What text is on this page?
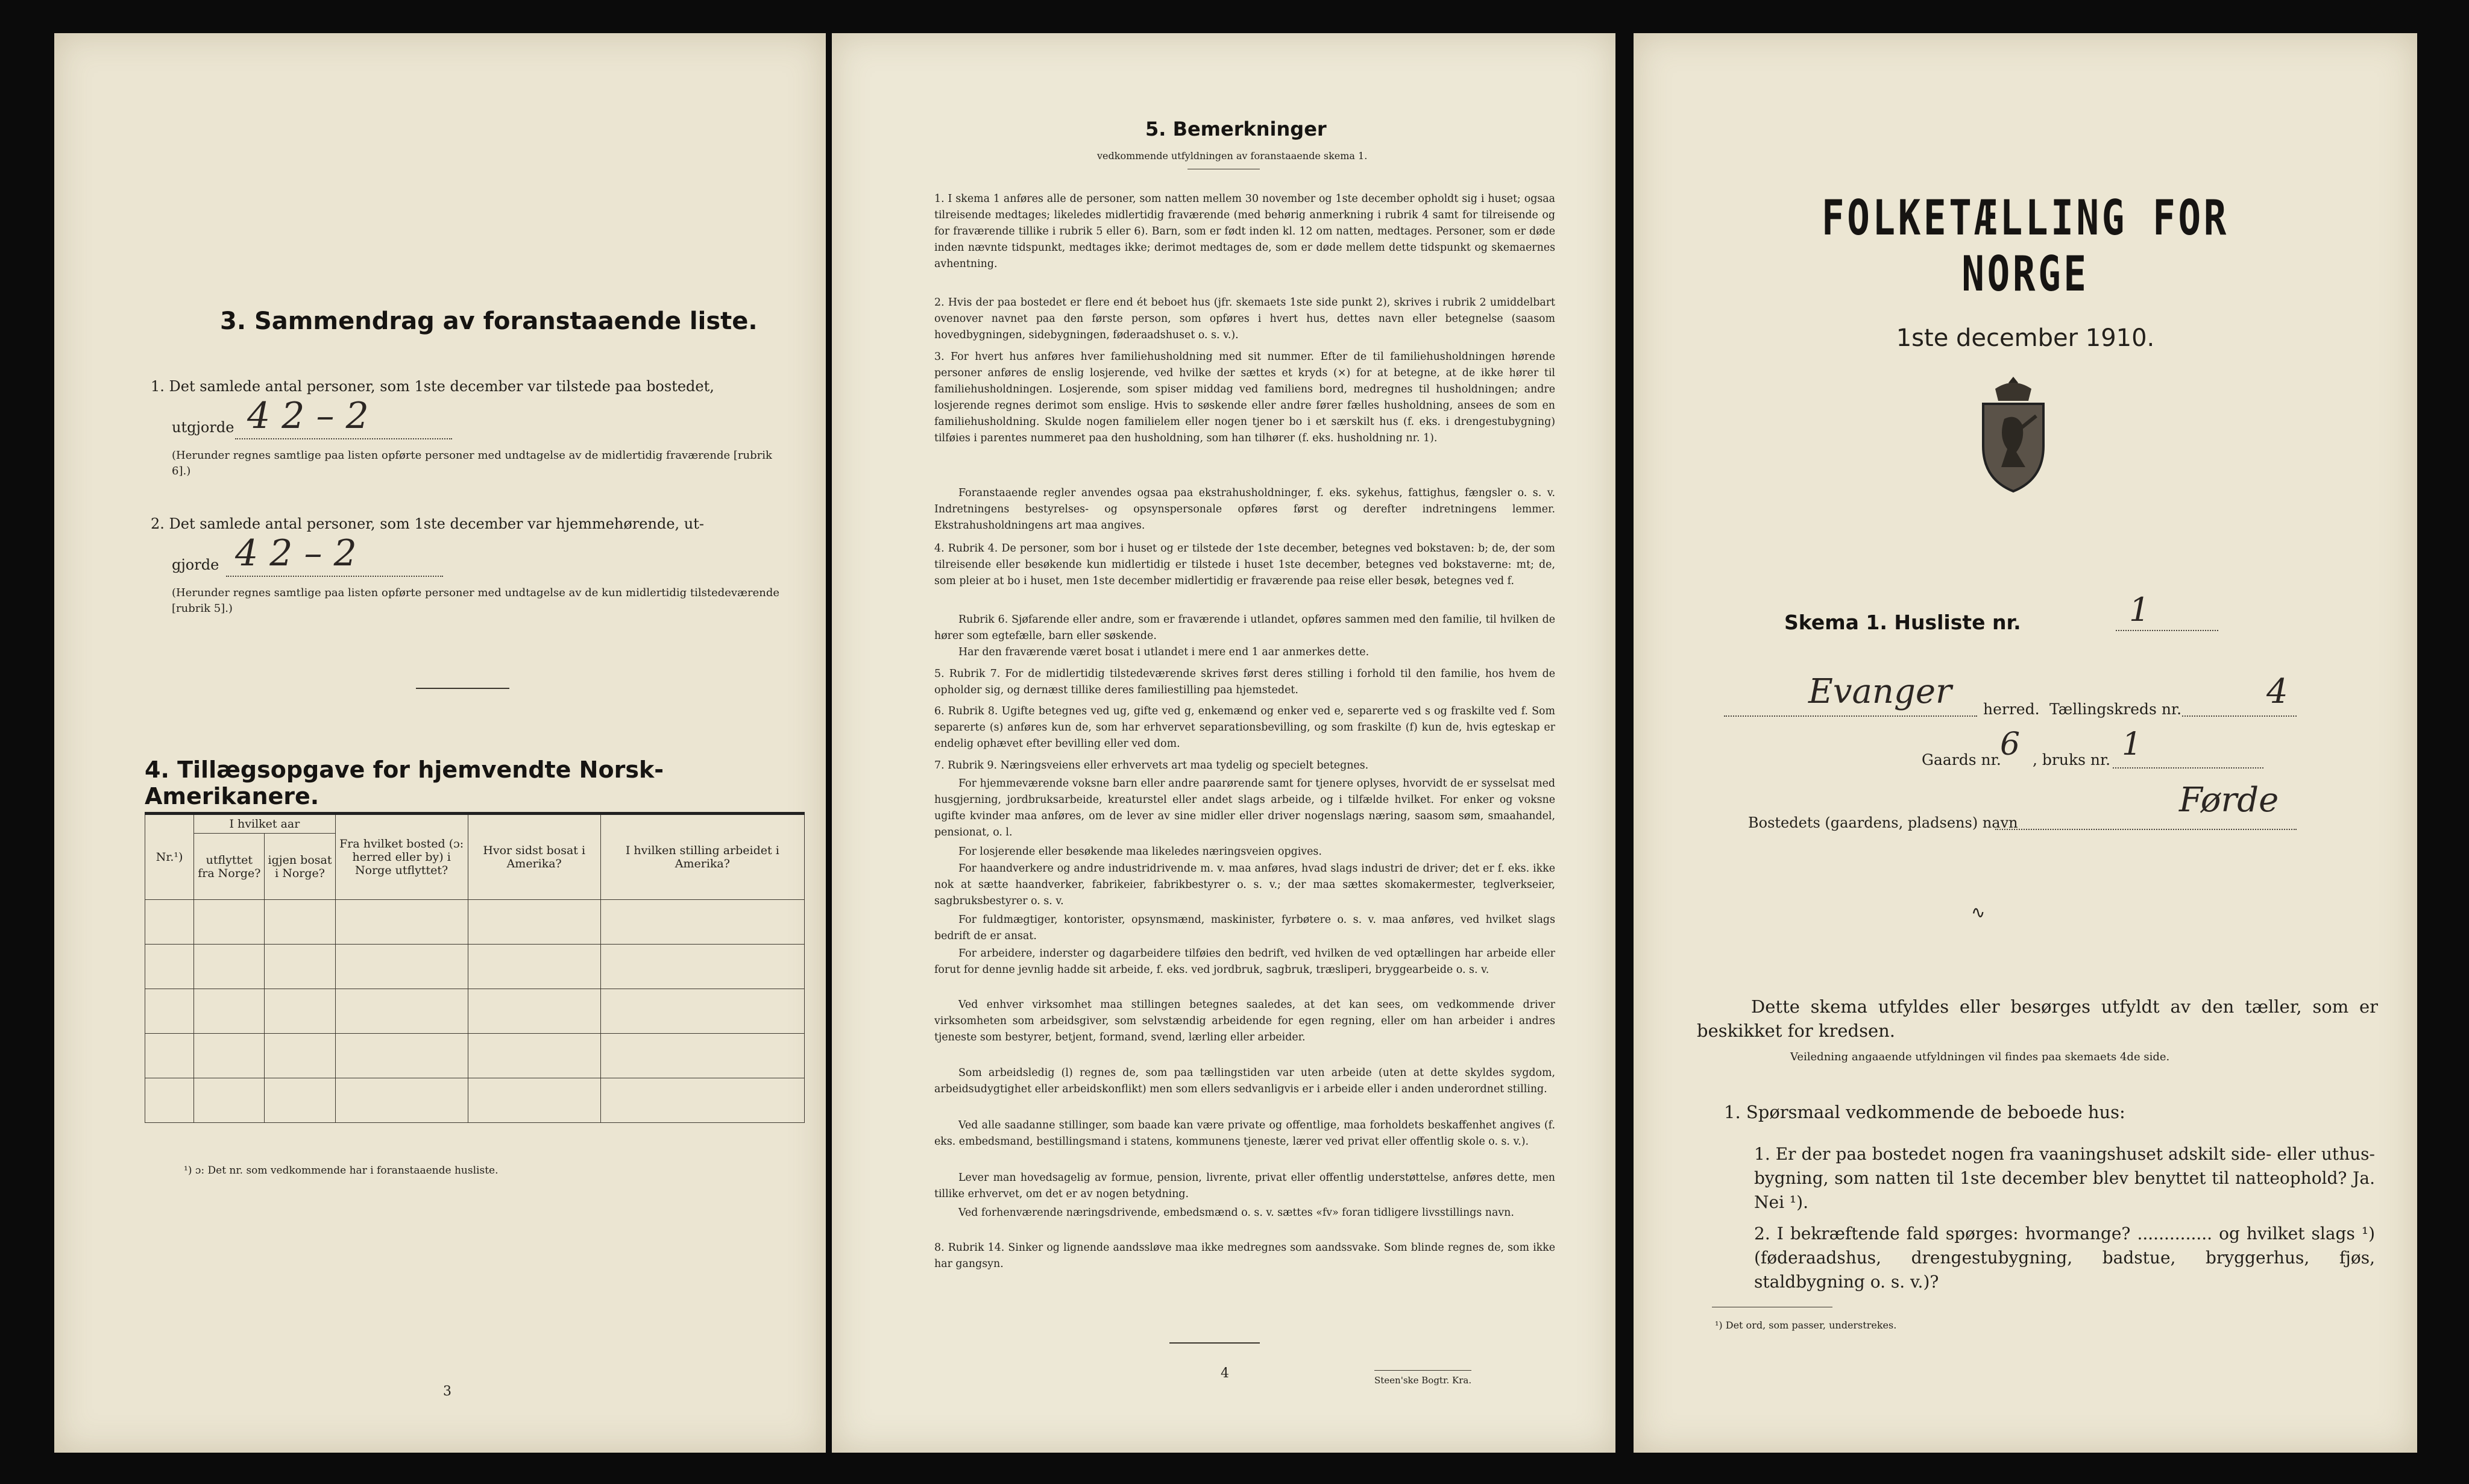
3. Sammendrag av foranstaaende liste.
1. Det samlede antal personer, som 1ste december var tilstede paa bostedet,
utgjorde 4 2 – 2
(Herunder regnes samtlige paa listen opførte personer med undtagelse av de midlertidig fraværende [rubrik 6].)
2. Det samlede antal personer, som 1ste december var hjemmehørende, ut-
gjorde 4 2 – 2
(Herunder regnes samtlige paa listen opførte personer med undtagelse av de kun midlertidig tilstedeværende [rubrik 5].)
4. Tillægsopgave for hjemvendte Norsk-Amerikanere.
Nr.¹)	I hvilket aar		Fra hvilket bosted (ɔ: herred eller by) i Norge utflyttet?	Hvor sidst bosat i Amerika?	I hvilken stilling arbeidet i Amerika?
	utflyttet fra Norge?	igjen bosat i Norge?			

¹) ɔ: Det nr. som vedkommende har i foranstaaende husliste.
3
5. Bemerkninger
vedkommende utfyldningen av foranstaaende skema 1.
1. I skema 1 anføres alle de personer, som natten mellem 30 november og 1ste december opholdt sig i huset; ogsaa tilreisende medtages; likeledes midlertidig fraværende (med behørig anmerkning i rubrik 4 samt for tilreisende og for fraværende tillike i rubrik 5 eller 6). Barn, som er født inden kl. 12 om natten, medtages. Personer, som er døde inden nævnte tidspunkt, medtages ikke; derimot medtages de, som er døde mellem dette tidspunkt og skemaernes avhentning.
2. Hvis der paa bostedet er flere end ét beboet hus (jfr. skemaets 1ste side punkt 2), skrives i rubrik 2 umiddelbart ovenover navnet paa den første person, som opføres i hvert hus, dettes navn eller betegnelse (saasom hovedbygningen, sidebygningen, føderaadshuset o. s. v.).
3. For hvert hus anføres hver familiehusholdning med sit nummer. Efter de til familiehusholdningen hørende personer anføres de enslig losjerende, ved hvilke der sættes et kryds (×) for at betegne, at de ikke hører til familiehusholdningen. Losjerende, som spiser middag ved familiens bord, medregnes til husholdningen; andre losjerende regnes derimot som enslige. Hvis to søskende eller andre fører fælles husholdning, ansees de som en familiehusholdning. Skulde nogen familielem eller nogen tjener bo i et særskilt hus (f. eks. i drengestubygning) tilføies i parentes nummeret paa den husholdning, som han tilhører (f. eks. husholdning nr. 1).
Foranstaaende regler anvendes ogsaa paa ekstrahusholdninger, f. eks. sykehus, fattighus, fængsler o. s. v. Indretningens bestyrelses- og opsynspersonale opføres først og derefter indretningens lemmer. Ekstrahusholdningens art maa angives.
4. Rubrik 4. De personer, som bor i huset og er tilstede der 1ste december, betegnes ved bokstaven: b; de, der som tilreisende eller besøkende kun midlertidig er tilstede i huset 1ste december, betegnes ved bokstaverne: mt; de, som pleier at bo i huset, men 1ste december midlertidig er fraværende paa reise eller besøk, betegnes ved f.
Rubrik 6. Sjøfarende eller andre, som er fraværende i utlandet, opføres sammen med den familie, til hvilken de hører som egtefælle, barn eller søskende.
Har den fraværende været bosat i utlandet i mere end 1 aar anmerkes dette.
5. Rubrik 7. For de midlertidig tilstedeværende skrives først deres stilling i forhold til den familie, hos hvem de opholder sig, og dernæst tillike deres familiestilling paa hjemstedet.
6. Rubrik 8. Ugifte betegnes ved ug, gifte ved g, enkemænd og enker ved e, separerte ved s og fraskilte ved f. Som separerte (s) anføres kun de, som har erhvervet separationsbevilling, og som fraskilte (f) kun de, hvis egteskap er endelig ophævet efter bevilling eller ved dom.
7. Rubrik 9. Næringsveiens eller erhvervets art maa tydelig og specielt betegnes.
For hjemmeværende voksne barn eller andre paarørende samt for tjenere oplyses, hvorvidt de er sysselsat med husgjerning, jordbruksarbeide, kreaturstel eller andet slags arbeide, og i tilfælde hvilket. For enker og voksne ugifte kvinder maa anføres, om de lever av sine midler eller driver nogenslags næring, saasom søm, smaahandel, pensionat, o. l.
For losjerende eller besøkende maa likeledes næringsveien opgives.
For haandverkere og andre industridrivende m. v. maa anføres, hvad slags industri de driver; det er f. eks. ikke nok at sætte haandverker, fabrikeier, fabrikbestyrer o. s. v.; der maa sættes skomakermester, teglverkseier, sagbruksbestyrer o. s. v.
For fuldmægtiger, kontorister, opsynsmænd, maskinister, fyrbøtere o. s. v. maa anføres, ved hvilket slags bedrift de er ansat.
For arbeidere, inderster og dagarbeidere tilføies den bedrift, ved hvilken de ved optællingen har arbeide eller forut for denne jevnlig hadde sit arbeide, f. eks. ved jordbruk, sagbruk, træsliperi, bryggearbeide o. s. v.
Ved enhver virksomhet maa stillingen betegnes saaledes, at det kan sees, om vedkommende driver virksomheten som arbeidsgiver, som selvstændig arbeidende for egen regning, eller om han arbeider i andres tjeneste som bestyrer, betjent, formand, svend, lærling eller arbeider.
Som arbeidsledig (l) regnes de, som paa tællingstiden var uten arbeide (uten at dette skyldes sygdom, arbeidsudygtighet eller arbeidskonflikt) men som ellers sedvanligvis er i arbeide eller i anden underordnet stilling.
Ved alle saadanne stillinger, som baade kan være private og offentlige, maa forholdets beskaffenhet angives (f. eks. embedsmand, bestillingsmand i statens, kommunens tjeneste, lærer ved privat eller offentlig skole o. s. v.).
Lever man hovedsagelig av formue, pension, livrente, privat eller offentlig understøttelse, anføres dette, men tillike erhvervet, om det er av nogen betydning.
Ved forhenværende næringsdrivende, embedsmænd o. s. v. sættes «fv» foran tidligere livsstillings navn.
8. Rubrik 14. Sinker og lignende aandssløve maa ikke medregnes som aandssvake. Som blinde regnes de, som ikke har gangsyn.
4	Steen'ske Bogtr. Kra.
FOLKETÆLLING FOR NORGE
1ste december 1910.
Skema 1. Husliste nr.	1
Evanger herred. Tællingskreds nr.	4
Gaards nr.
6 , bruks nr. 1
Bostedets (gaardens, pladsens) navn
Førde
∿
Dette skema utfyldes eller besørges utfyldt av den tæller, som er beskikket for kredsen.
Veiledning angaaende utfyldningen vil findes paa skemaets 4de side.
1. Spørsmaal vedkommende de beboede hus:
1. Er der paa bostedet nogen fra vaaningshuset adskilt side- eller uthus-bygning, som natten til 1ste december blev benyttet til natteophold? Ja. Nei ¹).
2. I bekræftende fald spørges: hvormange? .............. og hvilket slags ¹) (føderaadshus, drengestubygning, badstue, bryggerhus, fjøs, staldbygning o. s. v.)?
¹) Det ord, som passer, understrekes.
